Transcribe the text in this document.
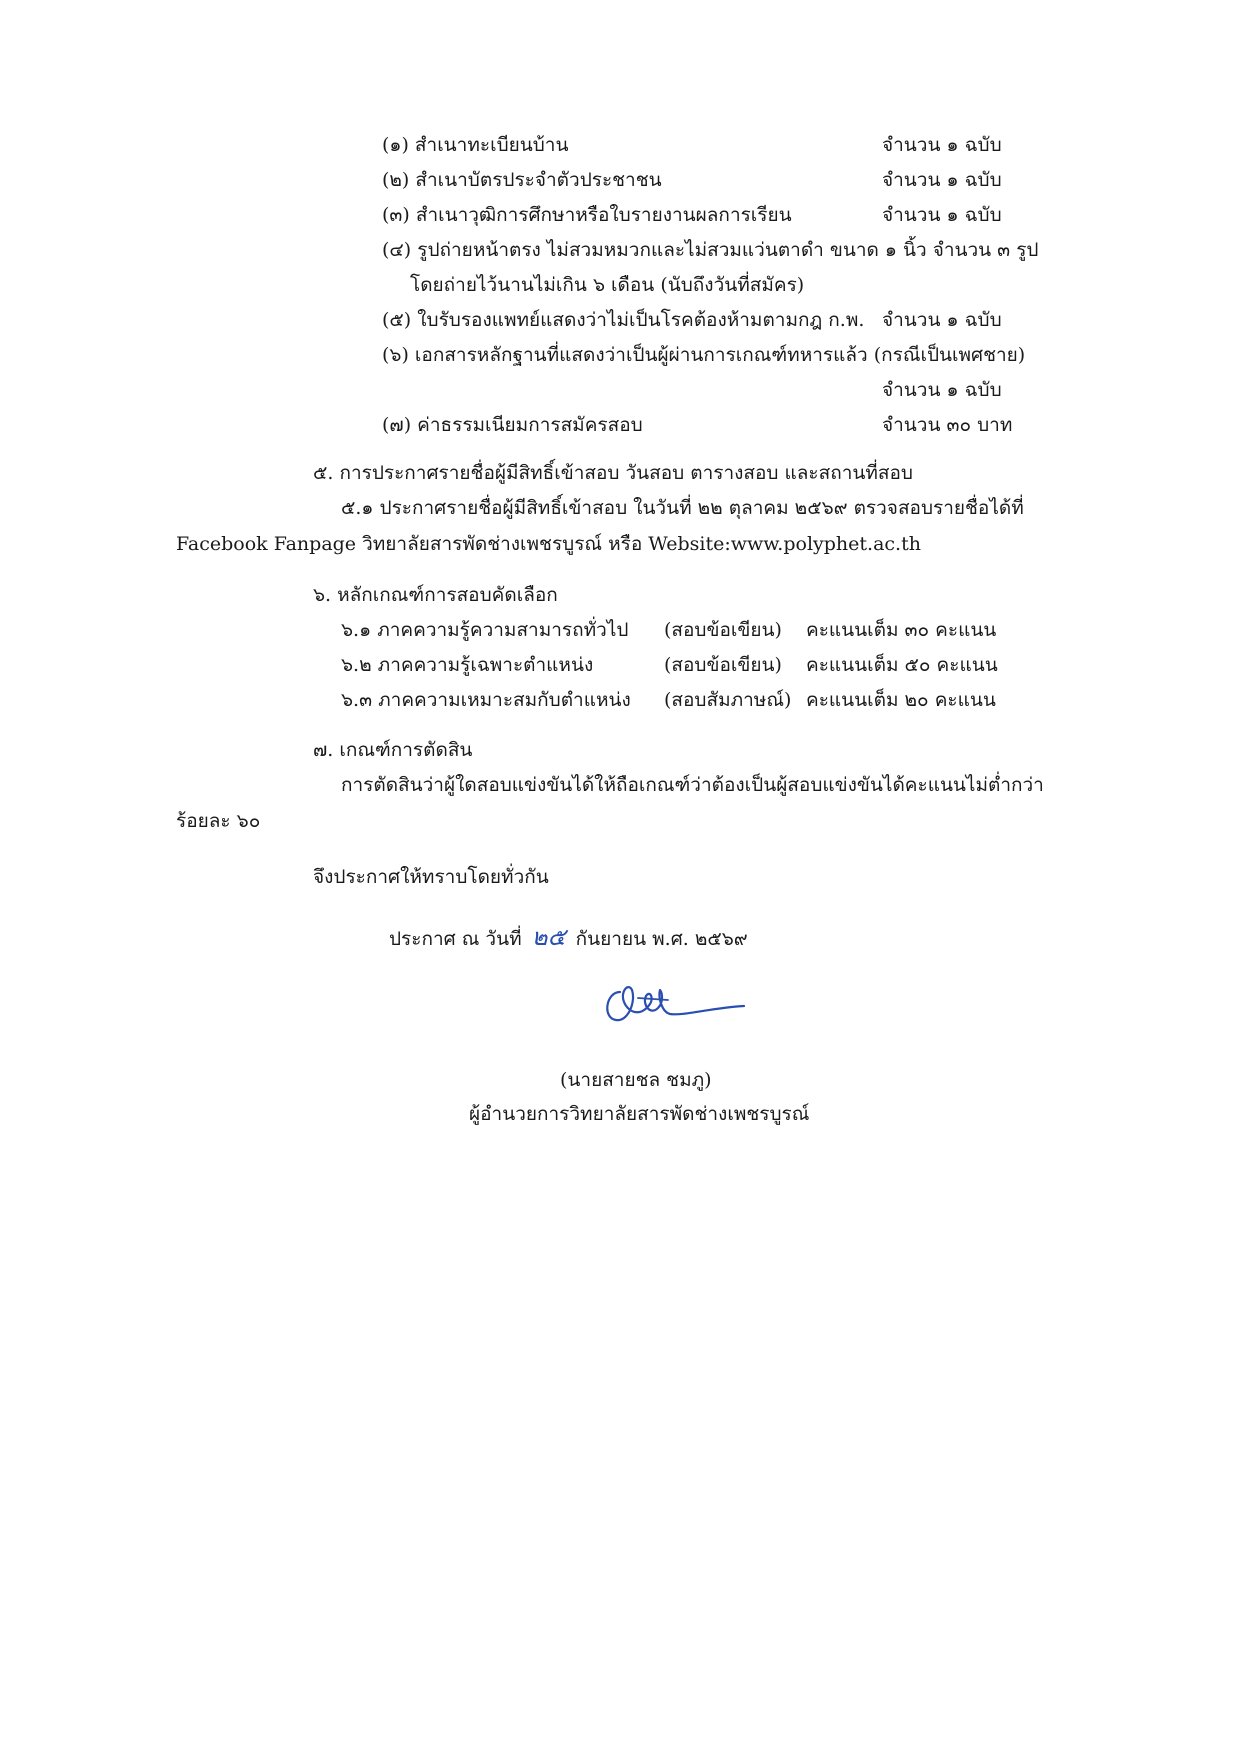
(๑) สำเนาทะเบียนบ้าน	จำนวน ๑ ฉบับ
(๒) สำเนาบัตรประจำตัวประชาชน	จำนวน ๑ ฉบับ
(๓) สำเนาวุฒิการศึกษาหรือใบรายงานผลการเรียน	จำนวน ๑ ฉบับ
(๔) รูปถ่ายหน้าตรง ไม่สวมหมวกและไม่สวมแว่นตาดำ ขนาด ๑ นิ้ว จำนวน ๓ รูป
โดยถ่ายไว้นานไม่เกิน ๖ เดือน (นับถึงวันที่สมัคร)
(๕) ใบรับรองแพทย์แสดงว่าไม่เป็นโรคต้องห้ามตามกฎ ก.พ. จำนวน ๑ ฉบับ
(๖) เอกสารหลักฐานที่แสดงว่าเป็นผู้ผ่านการเกณฑ์ทหารแล้ว (กรณีเป็นเพศชาย)
จำนวน ๑ ฉบับ
(๗) ค่าธรรมเนียมการสมัครสอบ	จำนวน ๓๐ บาท
๕. การประกาศรายชื่อผู้มีสิทธิ์เข้าสอบ วันสอบ ตารางสอบ และสถานที่สอบ
๕.๑ ประกาศรายชื่อผู้มีสิทธิ์เข้าสอบ ในวันที่ ๒๒ ตุลาคม ๒๕๖๙ ตรวจสอบรายชื่อได้ที่
Facebook Fanpage วิทยาลัยสารพัดช่างเพชรบูรณ์ หรือ Website:www.polyphet.ac.th
๖. หลักเกณฑ์การสอบคัดเลือก
๖.๑ ภาคความรู้ความสามารถทั่วไป (สอบข้อเขียน) คะแนนเต็ม ๓๐ คะแนน
๖.๒ ภาคความรู้เฉพาะตำแหน่ง	(สอบข้อเขียน) คะแนนเต็ม ๕๐ คะแนน
๖.๓ ภาคความเหมาะสมกับตำแหน่ง (สอบสัมภาษณ์) คะแนนเต็ม ๒๐ คะแนน
๗. เกณฑ์การตัดสิน
การตัดสินว่าผู้ใดสอบแข่งขันได้ให้ถือเกณฑ์ว่าต้องเป็นผู้สอบแข่งขันได้คะแนนไม่ต่ำกว่า
ร้อยละ ๖๐
จึงประกาศให้ทราบโดยทั่วกัน
ประกาศ ณ วันที่ ๒๕ กันยายน พ.ศ. ๒๕๖๙
(นายสายชล ชมภู)
ผู้อำนวยการวิทยาลัยสารพัดช่างเพชรบูรณ์
